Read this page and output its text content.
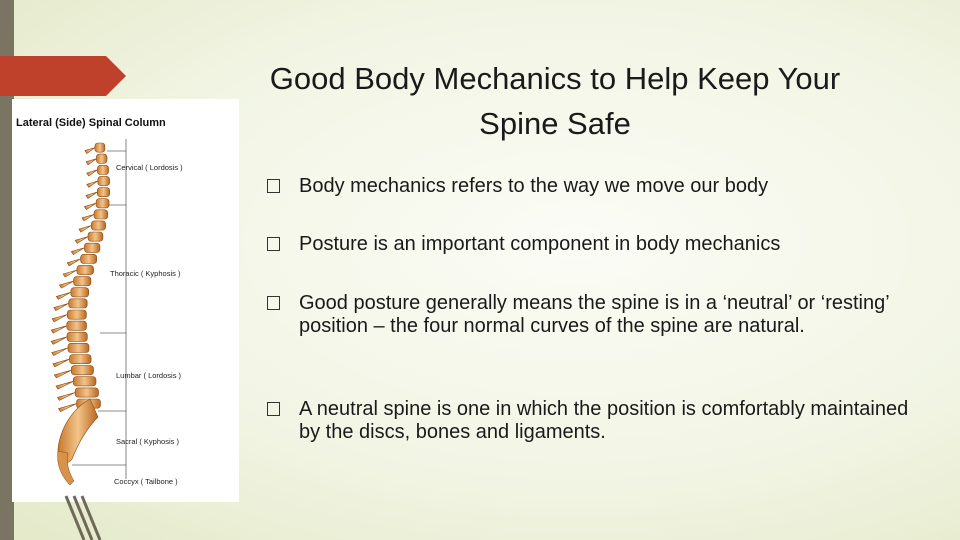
Good Body Mechanics to Help Keep Your Spine Safe
Lateral (Side) Spinal Column
Cervical ( Lordosis )
Thoracic ( Kyphosis )
Lumbar ( Lordosis )
Sacral ( Kyphosis )
Coccyx ( Tailbone )
Body mechanics refers to the way we move our body
Posture is an important component in body mechanics
Good posture generally means the spine is in a ‘neutral’ or ‘resting’ position – the four normal curves of the spine are natural.
A neutral spine is one in which the position is comfortably maintained by the discs, bones and ligaments.
